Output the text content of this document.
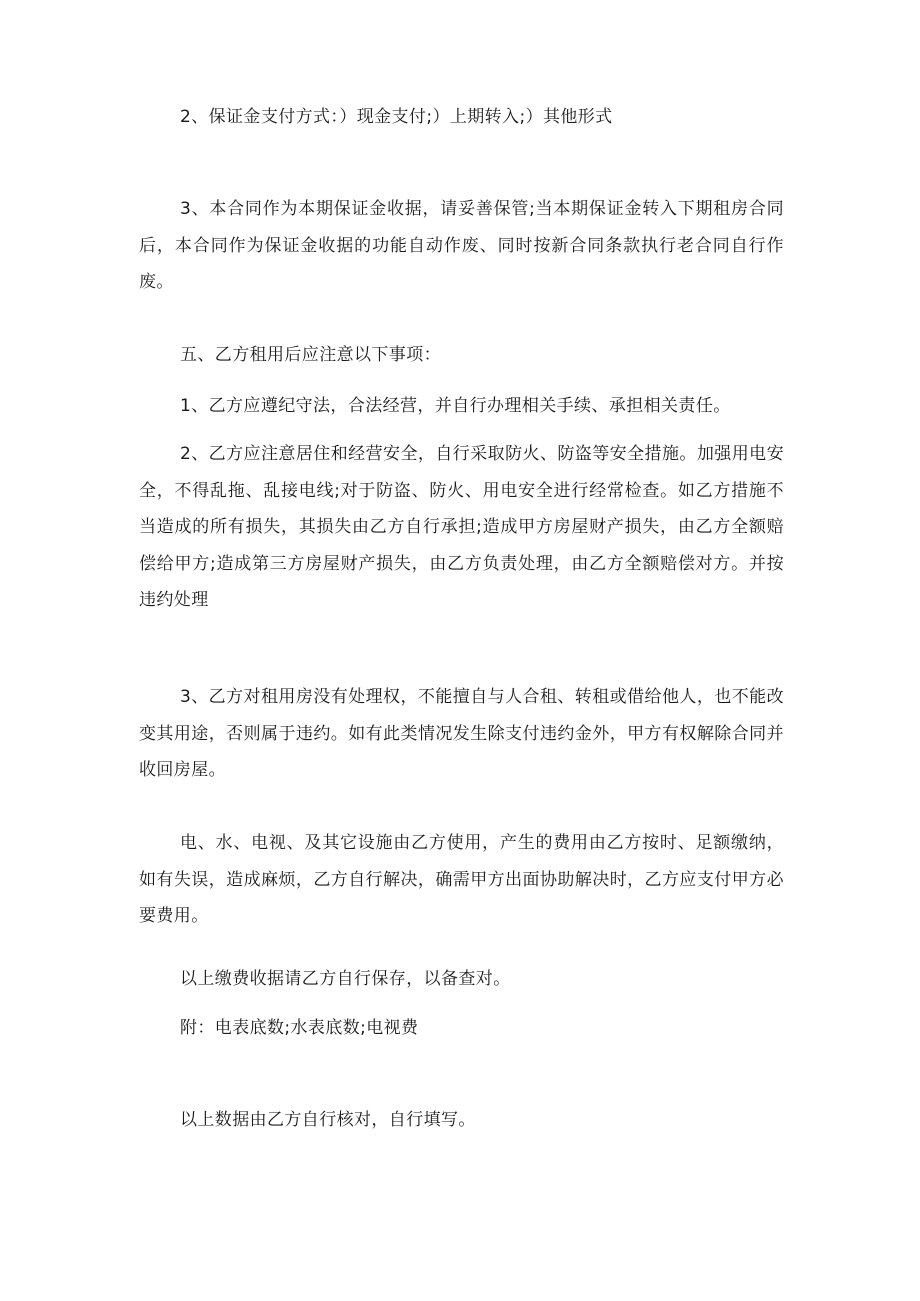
2、保证金支付方式：）现金支付;）上期转入;）其他形式

3、本合同作为本期保证金收据，请妥善保管;当本期保证金转入下期租房合同后，本合同作为保证金收据的功能自动作废、同时按新合同条款执行老合同自行作废。

五、乙方租用后应注意以下事项：

1、乙方应遵纪守法，合法经营，并自行办理相关手续、承担相关责任。

2、乙方应注意居住和经营安全，自行采取防火、防盗等安全措施。加强用电安全，不得乱拖、乱接电线;对于防盗、防火、用电安全进行经常检查。如乙方措施不当造成的所有损失，其损失由乙方自行承担;造成甲方房屋财产损失，由乙方全额赔偿给甲方;造成第三方房屋财产损失，由乙方负责处理，由乙方全额赔偿对方。并按违约处理

3、乙方对租用房没有处理权，不能擅自与人合租、转租或借给他人，也不能改变其用途，否则属于违约。如有此类情况发生除支付违约金外，甲方有权解除合同并收回房屋。

电、水、电视、及其它设施由乙方使用，产生的费用由乙方按时、足额缴纳，如有失误，造成麻烦，乙方自行解决，确需甲方出面协助解决时，乙方应支付甲方必要费用。

以上缴费收据请乙方自行保存，以备查对。

附：电表底数;水表底数;电视费

以上数据由乙方自行核对，自行填写。
